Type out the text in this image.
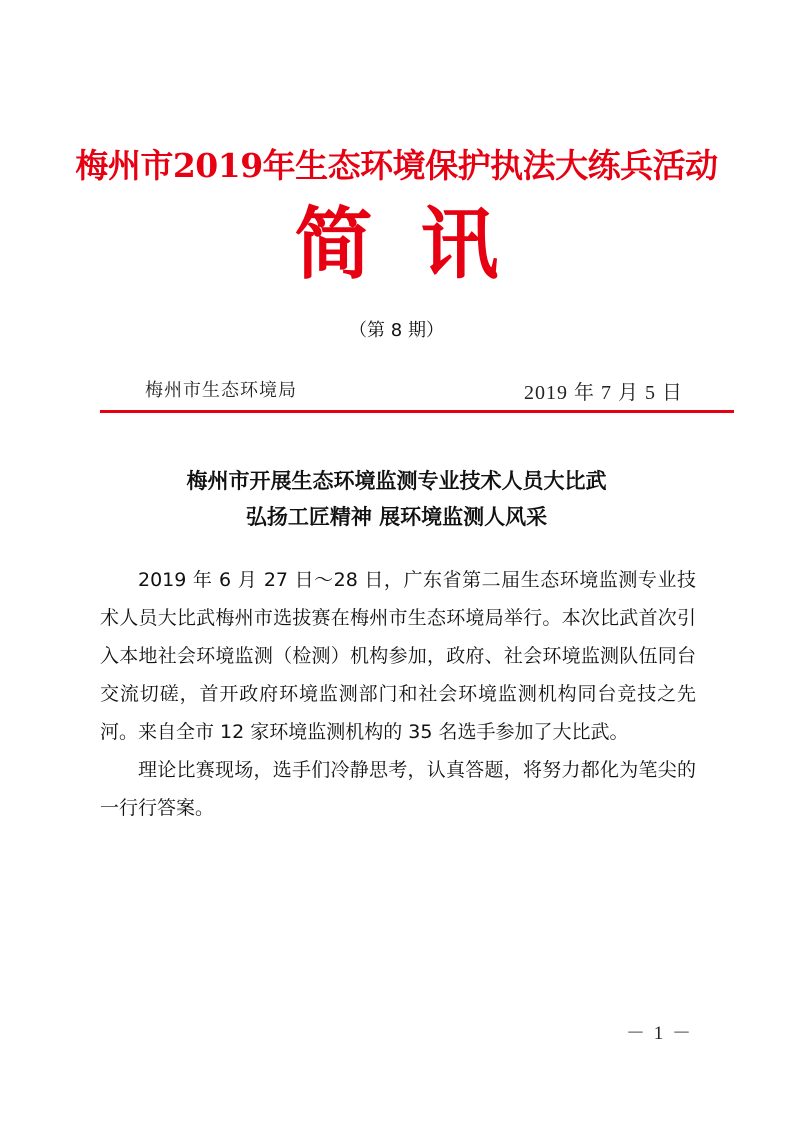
梅州市2019年生态环境保护执法大练兵活动
简讯
（第 8 期）
梅州市生态环境局	2019 年 7 月 5 日
梅州市开展生态环境监测专业技术人员大比武
弘扬工匠精神 展环境监测人风采

2019 年 6 月 27 日～28 日，广东省第二届生态环境监测专业技术人员大比武梅州市选拔赛在梅州市生态环境局举行。本次比武首次引入本地社会环境监测（检测）机构参加，政府、社会环境监测队伍同台交流切磋，首开政府环境监测部门和社会环境监测机构同台竞技之先河。来自全市 12 家环境监测机构的 35 名选手参加了大比武。

理论比赛现场，选手们冷静思考，认真答题，将努力都化为笔尖的一行行答案。

－ 1 －
